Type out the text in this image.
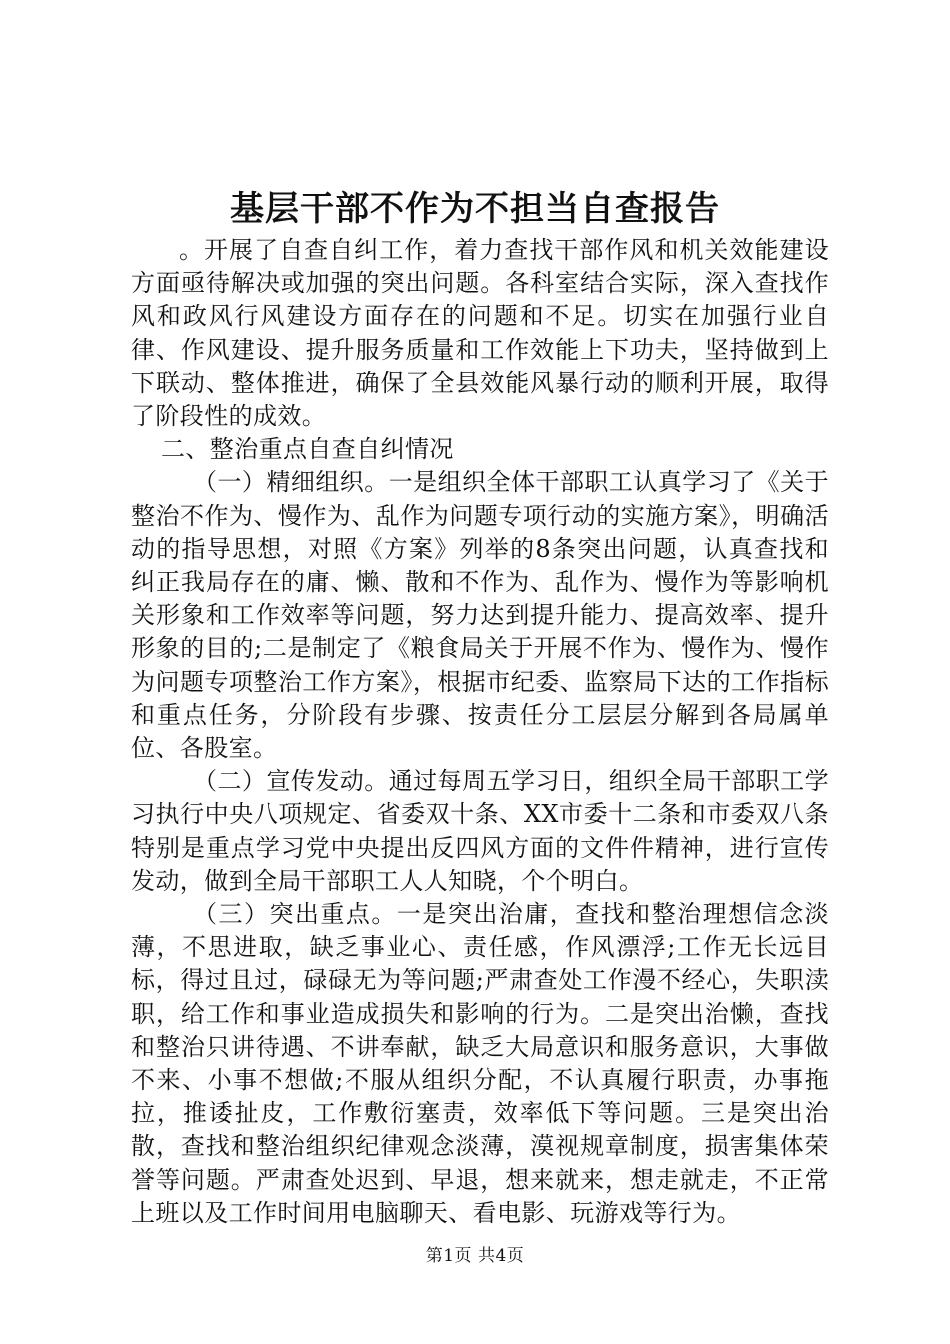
基层干部不作为不担当自查报告

。开展了自查自纠工作，着力查找干部作风和机关效能建设方面亟待解决或加强的突出问题。各科室结合实际，深入查找作风和政风行风建设方面存在的问题和不足。切实在加强行业自律、作风建设、提升服务质量和工作效能上下功夫，坚持做到上下联动、整体推进，确保了全县效能风暴行动的顺利开展，取得了阶段性的成效。

二、整治重点自查自纠情况

（一）精细组织。一是组织全体干部职工认真学习了《关于整治不作为、慢作为、乱作为问题专项行动的实施方案》，明确活动的指导思想，对照《方案》列举的8条突出问题，认真查找和纠正我局存在的庸、懒、散和不作为、乱作为、慢作为等影响机关形象和工作效率等问题，努力达到提升能力、提高效率、提升形象的目的;二是制定了《粮食局关于开展不作为、慢作为、慢作为问题专项整治工作方案》，根据市纪委、监察局下达的工作指标和重点任务，分阶段有步骤、按责任分工层层分解到各局属单位、各股室。

（二）宣传发动。通过每周五学习日，组织全局干部职工学习执行中央八项规定、省委双十条、XX市委十二条和市委双八条特别是重点学习党中央提出反四风方面的文件件精神，进行宣传发动，做到全局干部职工人人知晓，个个明白。

（三）突出重点。一是突出治庸，查找和整治理想信念淡薄，不思进取，缺乏事业心、责任感，作风漂浮;工作无长远目标，得过且过，碌碌无为等问题;严肃查处工作漫不经心，失职渎职，给工作和事业造成损失和影响的行为。二是突出治懒，查找和整治只讲待遇、不讲奉献，缺乏大局意识和服务意识，大事做不来、小事不想做;不服从组织分配，不认真履行职责，办事拖拉，推诿扯皮，工作敷衍塞责，效率低下等问题。三是突出治散，查找和整治组织纪律观念淡薄，漠视规章制度，损害集体荣誉等问题。严肃查处迟到、早退，想来就来，想走就走，不正常上班以及工作时间用电脑聊天、看电影、玩游戏等行为。

第1页 共4页
